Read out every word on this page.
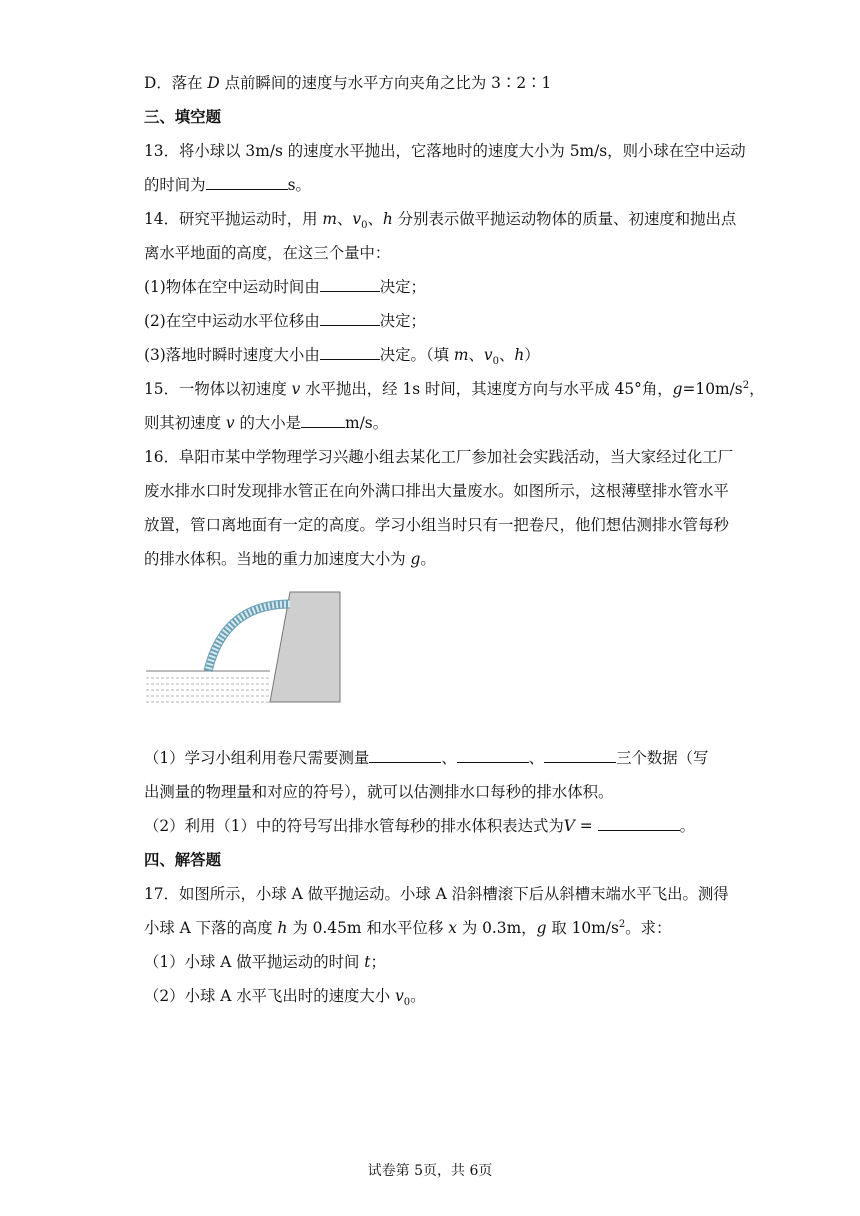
D．落在 D 点前瞬间的速度与水平方向夹角之比为 3∶2∶1
三、填空题
13．将小球以 3m/s 的速度水平抛出，它落地时的速度大小为 5m/s，则小球在空中运动
的时间为	s。
14．研究平抛运动时，用 m、$v_0$、h 分别表示做平抛运动物体的质量、初速度和抛出点
离水平地面的高度，在这三个量中：
(1)物体在空中运动时间由	决定；
(2)在空中运动水平位移由	决定；
(3)落地时瞬时速度大小由	决定。（填 m、$v_0$、h）
15．一物体以初速度 v 水平抛出，经 1s 时间，其速度方向与水平成 45°角，$g=10m/s^2$，
则其初速度 v 的大小是	m/s。
16．阜阳市某中学物理学习兴趣小组去某化工厂参加社会实践活动，当大家经过化工厂
废水排水口时发现排水管正在向外满口排出大量废水。如图所示，这根薄壁排水管水平
放置，管口离地面有一定的高度。学习小组当时只有一把卷尺，他们想估测排水管每秒
的排水体积。当地的重力加速度大小为 g。
（1）学习小组利用卷尺需要测量	、	、	三个数据（写
出测量的物理量和对应的符号），就可以估测排水口每秒的排水体积。
（2）利用（1）中的符号写出排水管每秒的排水体积表达式为V =	。
四、解答题
17．如图所示，小球 A 做平抛运动。小球 A 沿斜槽滚下后从斜槽末端水平飞出。测得
小球 A 下落的高度 h 为 0.45m 和水平位移 x 为 0.3m，g 取 $10m/s^2$。求：
（1）小球 A 做平抛运动的时间 t；
（2）小球 A 水平飞出时的速度大小 $v_0$。
试卷第 5页，共 6页
